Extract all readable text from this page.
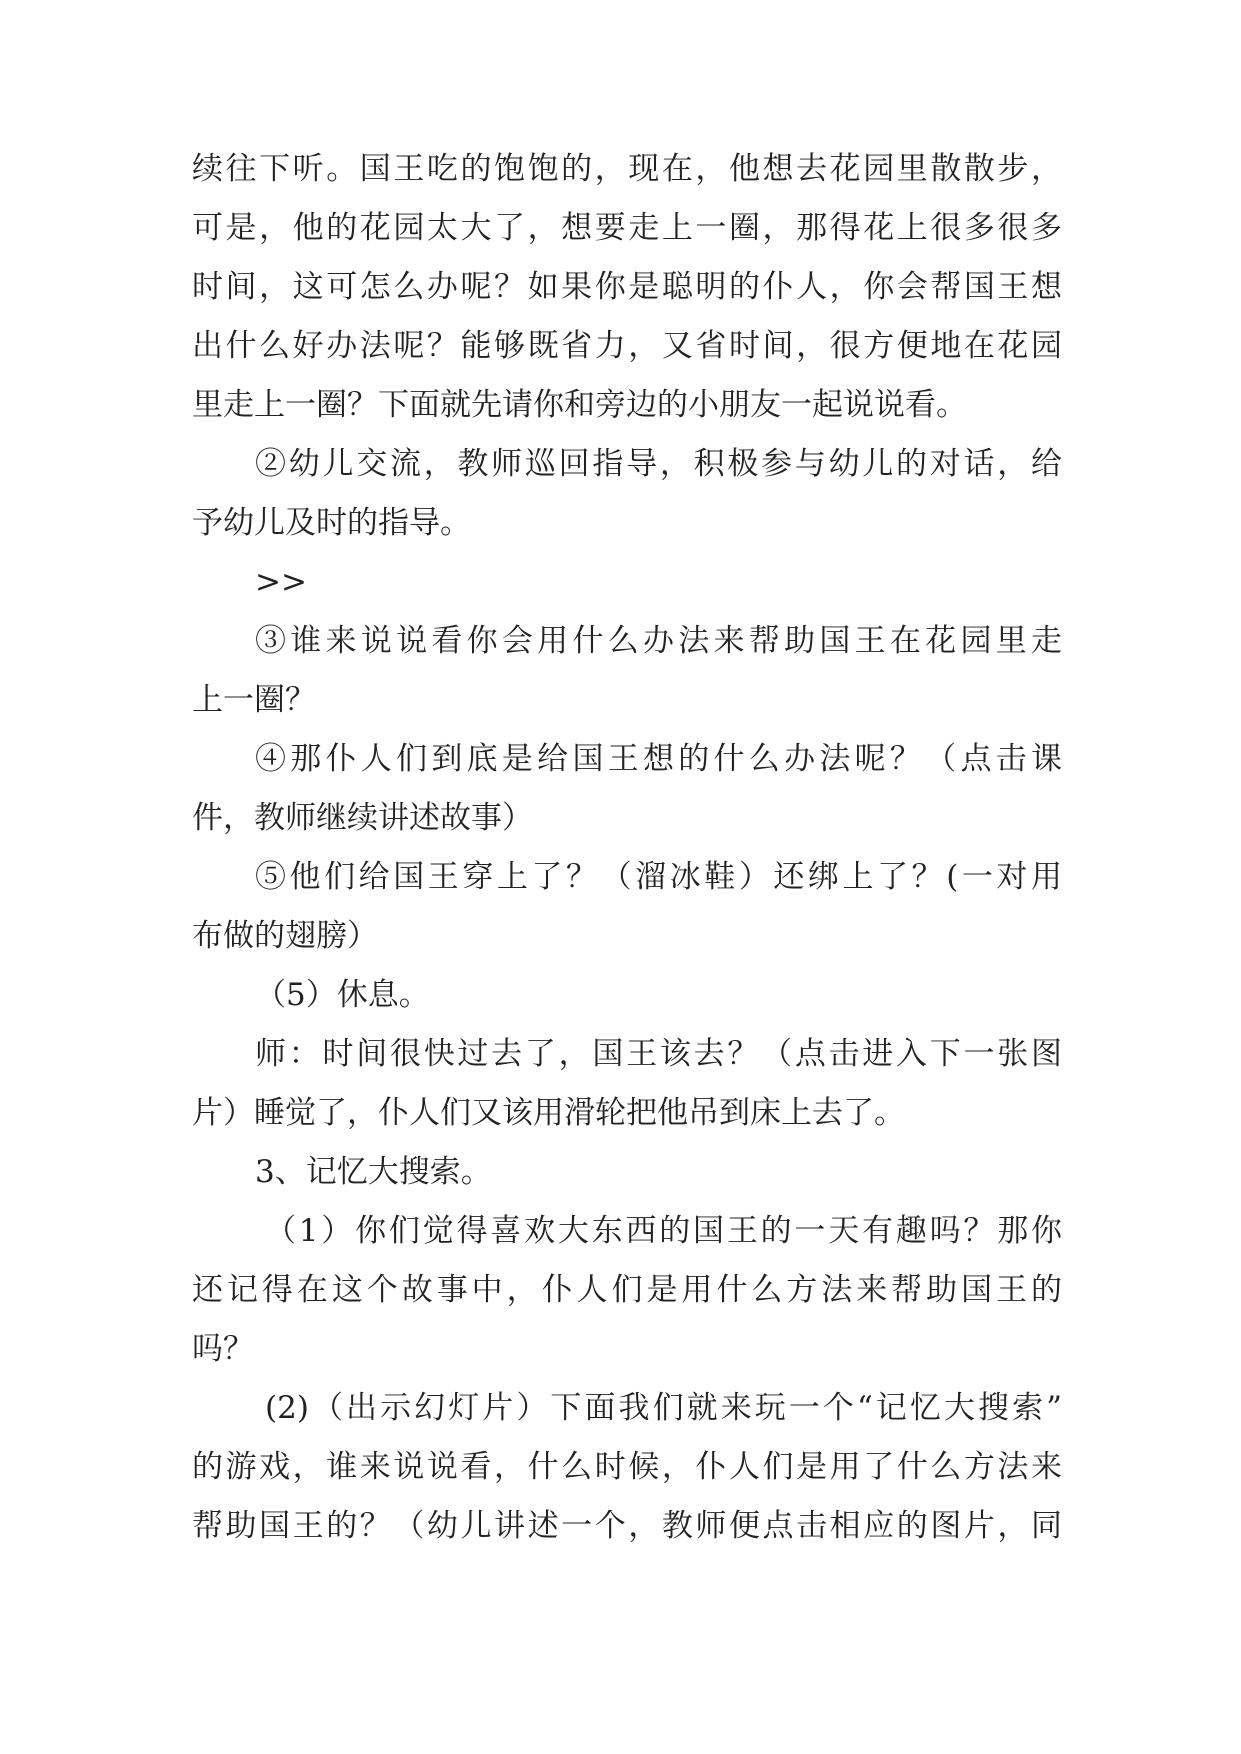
续往下听。国王吃的饱饱的，现在，他想去花园里散散步，
可是，他的花园太大了，想要走上一圈，那得花上很多很多
时间，这可怎么办呢？如果你是聪明的仆人，你会帮国王想
出什么好办法呢？能够既省力，又省时间，很方便地在花园
里走上一圈？下面就先请你和旁边的小朋友一起说说看。
②幼儿交流，教师巡回指导，积极参与幼儿的对话，给
予幼儿及时的指导。
>>
③谁来说说看你会用什么办法来帮助国王在花园里走
上一圈？
④那仆人们到底是给国王想的什么办法呢？（点击课
件，教师继续讲述故事）
⑤他们给国王穿上了？（溜冰鞋）还绑上了？(一对用
布做的翅膀）
（5）休息。
师：时间很快过去了，国王该去？（点击进入下一张图
片）睡觉了，仆人们又该用滑轮把他吊到床上去了。
3、记忆大搜索。
（1）你们觉得喜欢大东西的国王的一天有趣吗？那你
还记得在这个故事中，仆人们是用什么方法来帮助国王的
吗？
(2)（出示幻灯片）下面我们就来玩一个“记忆大搜索”
的游戏，谁来说说看，什么时候，仆人们是用了什么方法来
帮助国王的？（幼儿讲述一个，教师便点击相应的图片，同
